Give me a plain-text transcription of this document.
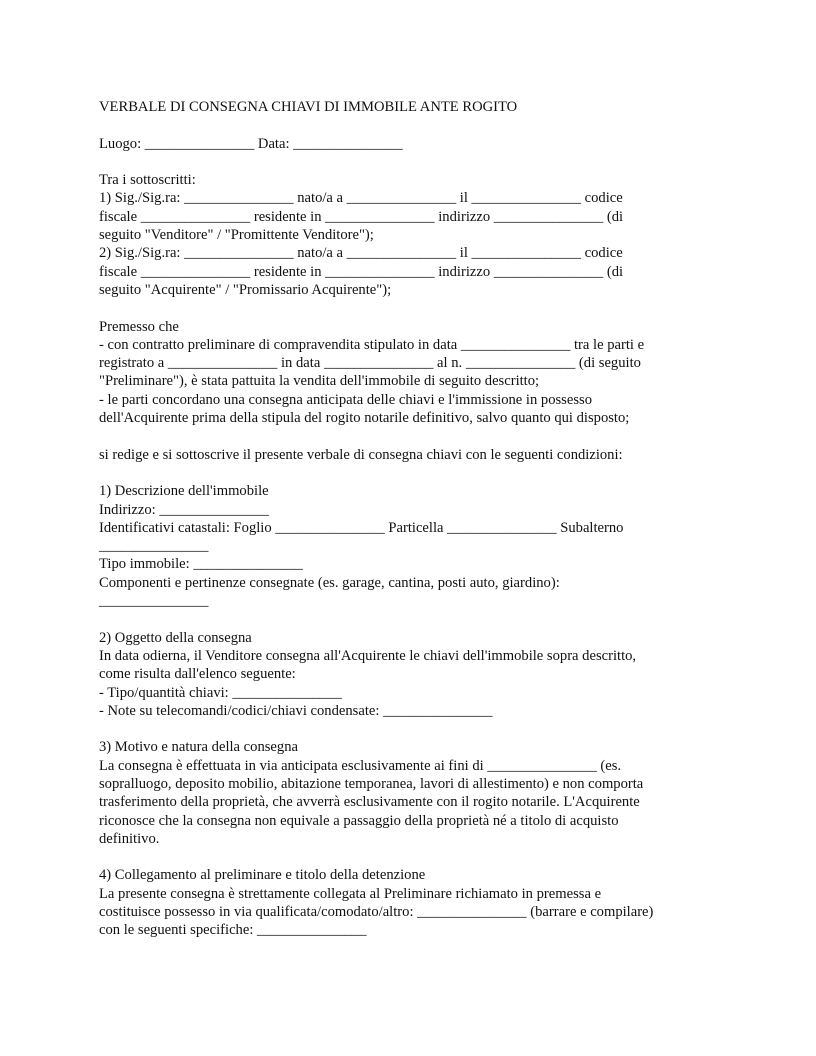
VERBALE DI CONSEGNA CHIAVI DI IMMOBILE ANTE ROGITO
Luogo: _______________ Data: _______________
Tra i sottoscritti:
1) Sig./Sig.ra: _______________ nato/a a _______________ il _______________ codice
fiscale _______________ residente in _______________ indirizzo _______________ (di
seguito "Venditore" / "Promittente Venditore");
2) Sig./Sig.ra: _______________ nato/a a _______________ il _______________ codice
fiscale _______________ residente in _______________ indirizzo _______________ (di
seguito "Acquirente" / "Promissario Acquirente");
Premesso che
- con contratto preliminare di compravendita stipulato in data _______________ tra le parti e
registrato a _______________ in data _______________ al n. _______________ (di seguito
"Preliminare"), è stata pattuita la vendita dell'immobile di seguito descritto;
- le parti concordano una consegna anticipata delle chiavi e l'immissione in possesso
dell'Acquirente prima della stipula del rogito notarile definitivo, salvo quanto qui disposto;
si redige e si sottoscrive il presente verbale di consegna chiavi con le seguenti condizioni:
1) Descrizione dell'immobile
Indirizzo: _______________
Identificativi catastali: Foglio _______________ Particella _______________ Subalterno
_______________
Tipo immobile: _______________
Componenti e pertinenze consegnate (es. garage, cantina, posti auto, giardino):
_______________
2) Oggetto della consegna
In data odierna, il Venditore consegna all'Acquirente le chiavi dell'immobile sopra descritto,
come risulta dall'elenco seguente:
- Tipo/quantità chiavi: _______________
- Note su telecomandi/codici/chiavi condensate: _______________
3) Motivo e natura della consegna
La consegna è effettuata in via anticipata esclusivamente ai fini di _______________ (es.
sopralluogo, deposito mobilio, abitazione temporanea, lavori di allestimento) e non comporta
trasferimento della proprietà, che avverrà esclusivamente con il rogito notarile. L'Acquirente
riconosce che la consegna non equivale a passaggio della proprietà né a titolo di acquisto
definitivo.
4) Collegamento al preliminare e titolo della detenzione
La presente consegna è strettamente collegata al Preliminare richiamato in premessa e
costituisce possesso in via qualificata/comodato/altro: _______________ (barrare e compilare)
con le seguenti specifiche: _______________
